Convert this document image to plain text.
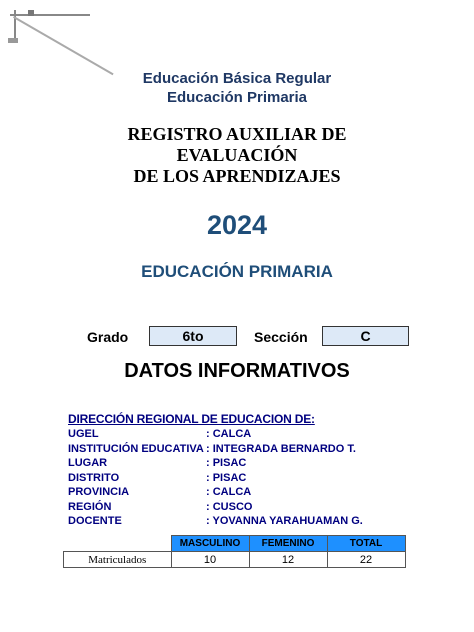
Educación Básica Regular
Educación Primaria
REGISTRO AUXILIAR DE
EVALUACIÓN
DE LOS APRENDIZAJES
2024
EDUCACIÓN PRIMARIA
Grado	6to	Sección	C
DATOS INFORMATIVOS
DIRECCIÓN REGIONAL DE EDUCACION DE:
UGEL	: CALCA
INSTITUCIÓN EDUCATIVA : INTEGRADA BERNARDO T.
LUGAR	: PISAC
DISTRITO	: PISAC
PROVINCIA	: CALCA
REGIÓN	: CUSCO
DOCENTE	: YOVANNA YARAHUAMAN G.
	MASCULINO	FEMENINO	TOTAL
Matriculados	10	12	22
